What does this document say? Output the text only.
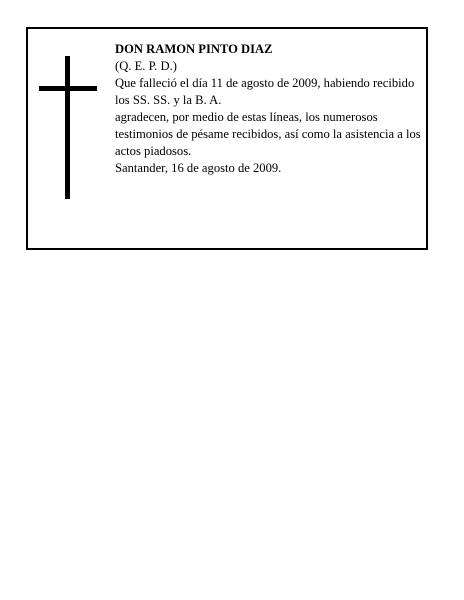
DON RAMON PINTO DIAZ

(Q. E. P. D.)

Que falleció el día 11 de agosto de 2009, habiendo recibido

los SS. SS. y la B. A.

agradecen, por medio de estas líneas, los numerosos testimonios de pésame recibidos, así como la asistencia a los actos piadosos.

Santander, 16 de agosto de 2009.
